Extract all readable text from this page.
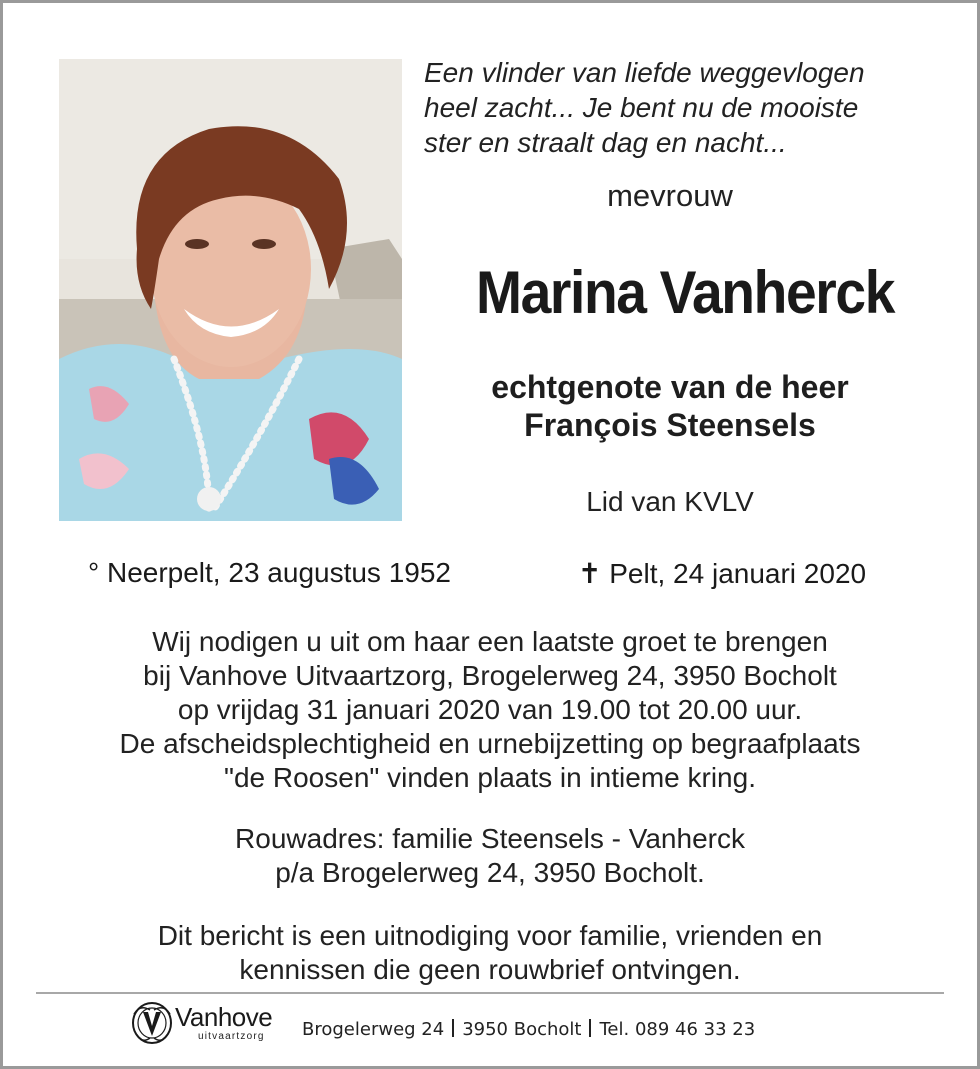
Een vlinder van liefde weggevlogen
heel zacht... Je bent nu de mooiste
ster en straalt dag en nacht...
mevrouw
Marina Vanherck
echtgenote van de heer
François Steensels
Lid van KVLV
° Neerpelt, 23 augustus 1952	✝ Pelt, 24 januari 2020
Wij nodigen u uit om haar een laatste groet te brengen
bij Vanhove Uitvaartzorg, Brogelerweg 24, 3950 Bocholt
op vrijdag 31 januari 2020 van 19.00 tot 20.00 uur.
De afscheidsplechtigheid en urnebijzetting op begraafplaats
"de Roosen" vinden plaats in intieme kring.
Rouwadres: familie Steensels - Vanherck
p/a Brogelerweg 24, 3950 Bocholt.
Dit bericht is een uitnodiging voor familie, vrienden en
kennissen die geen rouwbrief ontvingen.
Vanhove
uitvaartzorg Brogelerweg 24 3950 Bocholt Tel. 089 46 33 23
